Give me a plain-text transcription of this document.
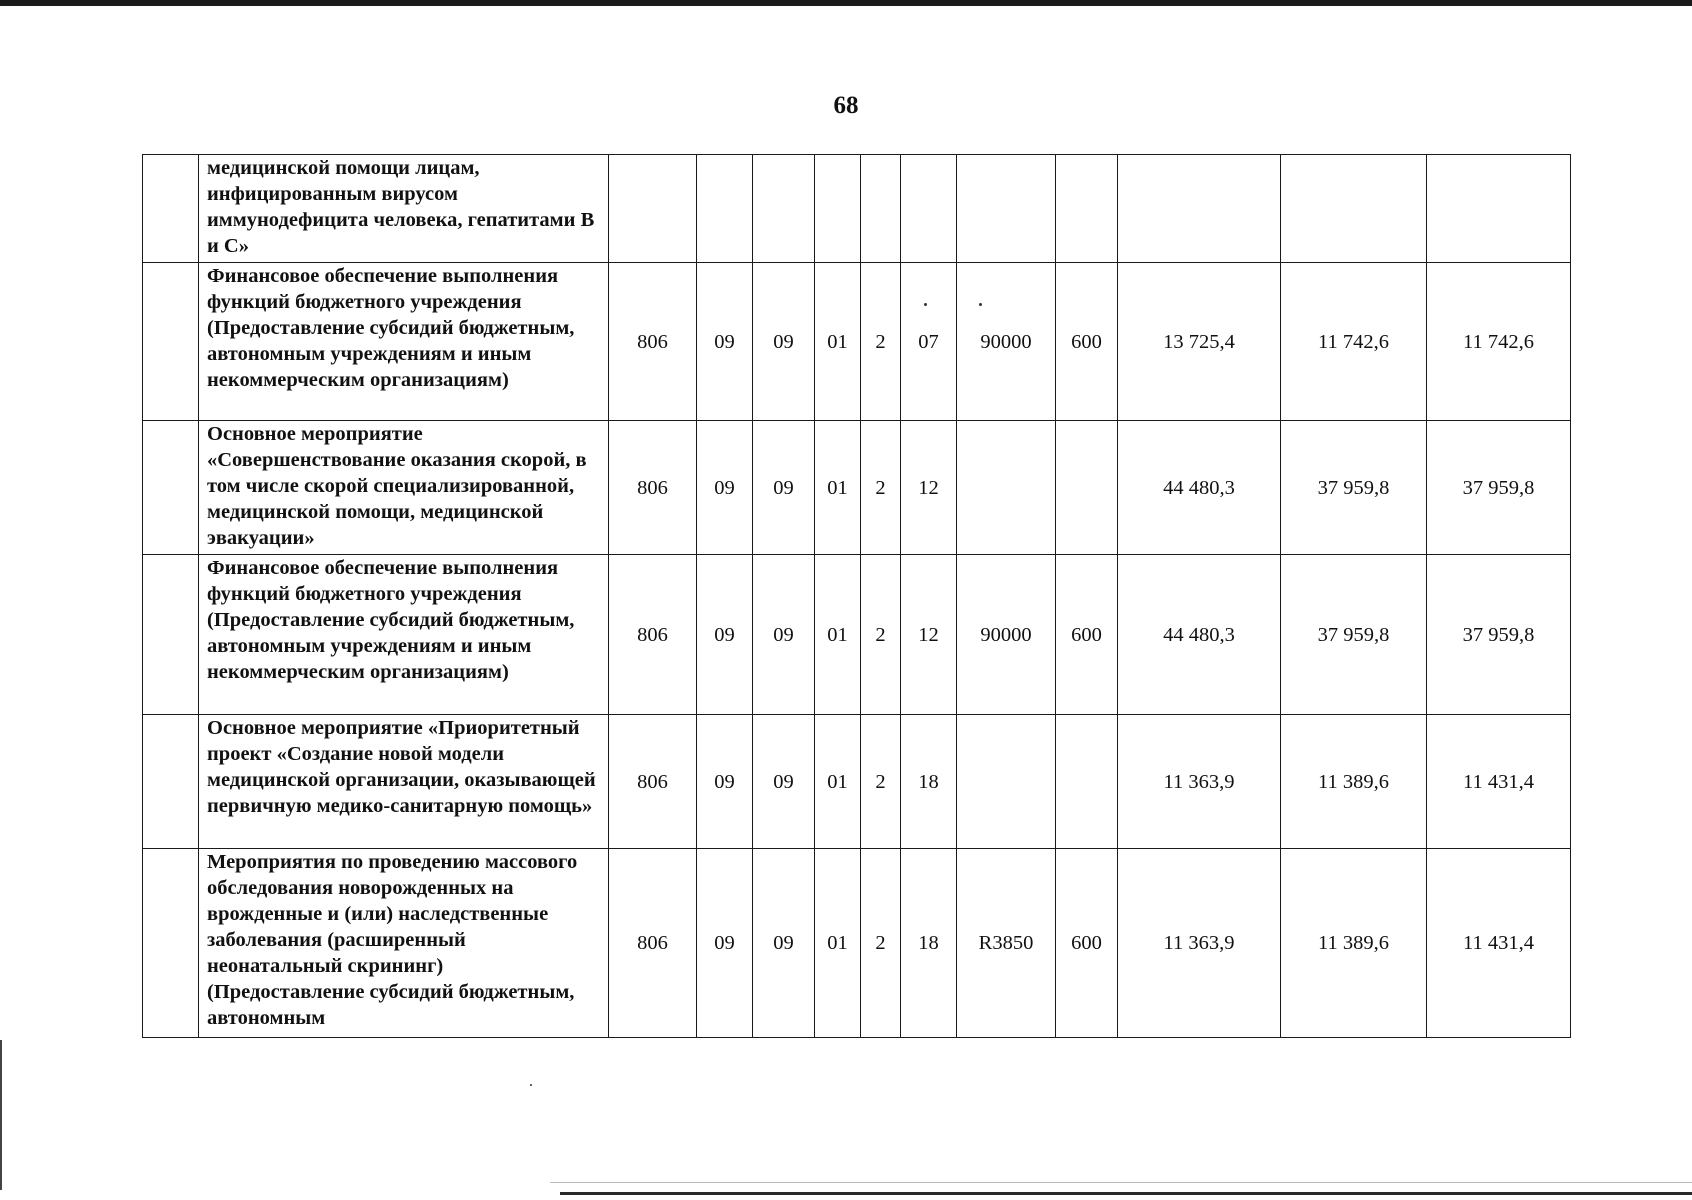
68
	медицинской помощи лицам, инфицированным вирусом иммунодефицита человека, гепатитами В и С»											
	Финансовое обеспечение выполнения функций бюджетного учреждения (Предоставление субсидий бюджетным, автономным учреждениям и иным некоммерческим организациям)	806	09	09	01	2	07	90000	600	13 725,4	11 742,6	11 742,6
	Основное мероприятие «Совершенствование оказания скорой, в том числе скорой специализированной, медицинской помощи, медицинской эвакуации»	806	09	09	01	2	12			44 480,3	37 959,8	37 959,8
	Финансовое обеспечение выполнения функций бюджетного учреждения (Предоставление субсидий бюджетным, автономным учреждениям и иным некоммерческим организациям)	806	09	09	01	2	12	90000	600	44 480,3	37 959,8	37 959,8
	Основное мероприятие «Приоритетный проект «Создание новой модели медицинской организации, оказывающей первичную медико-санитарную помощь»	806	09	09	01	2	18			11 363,9	11 389,6	11 431,4
	Мероприятия по проведению массового обследования новорожденных на врожденные и (или) наследственные заболевания (расширенный неонатальный скрининг) (Предоставление субсидий бюджетным, автономным	806	09	09	01	2	18	R3850	600	11 363,9	11 389,6	11 431,4
